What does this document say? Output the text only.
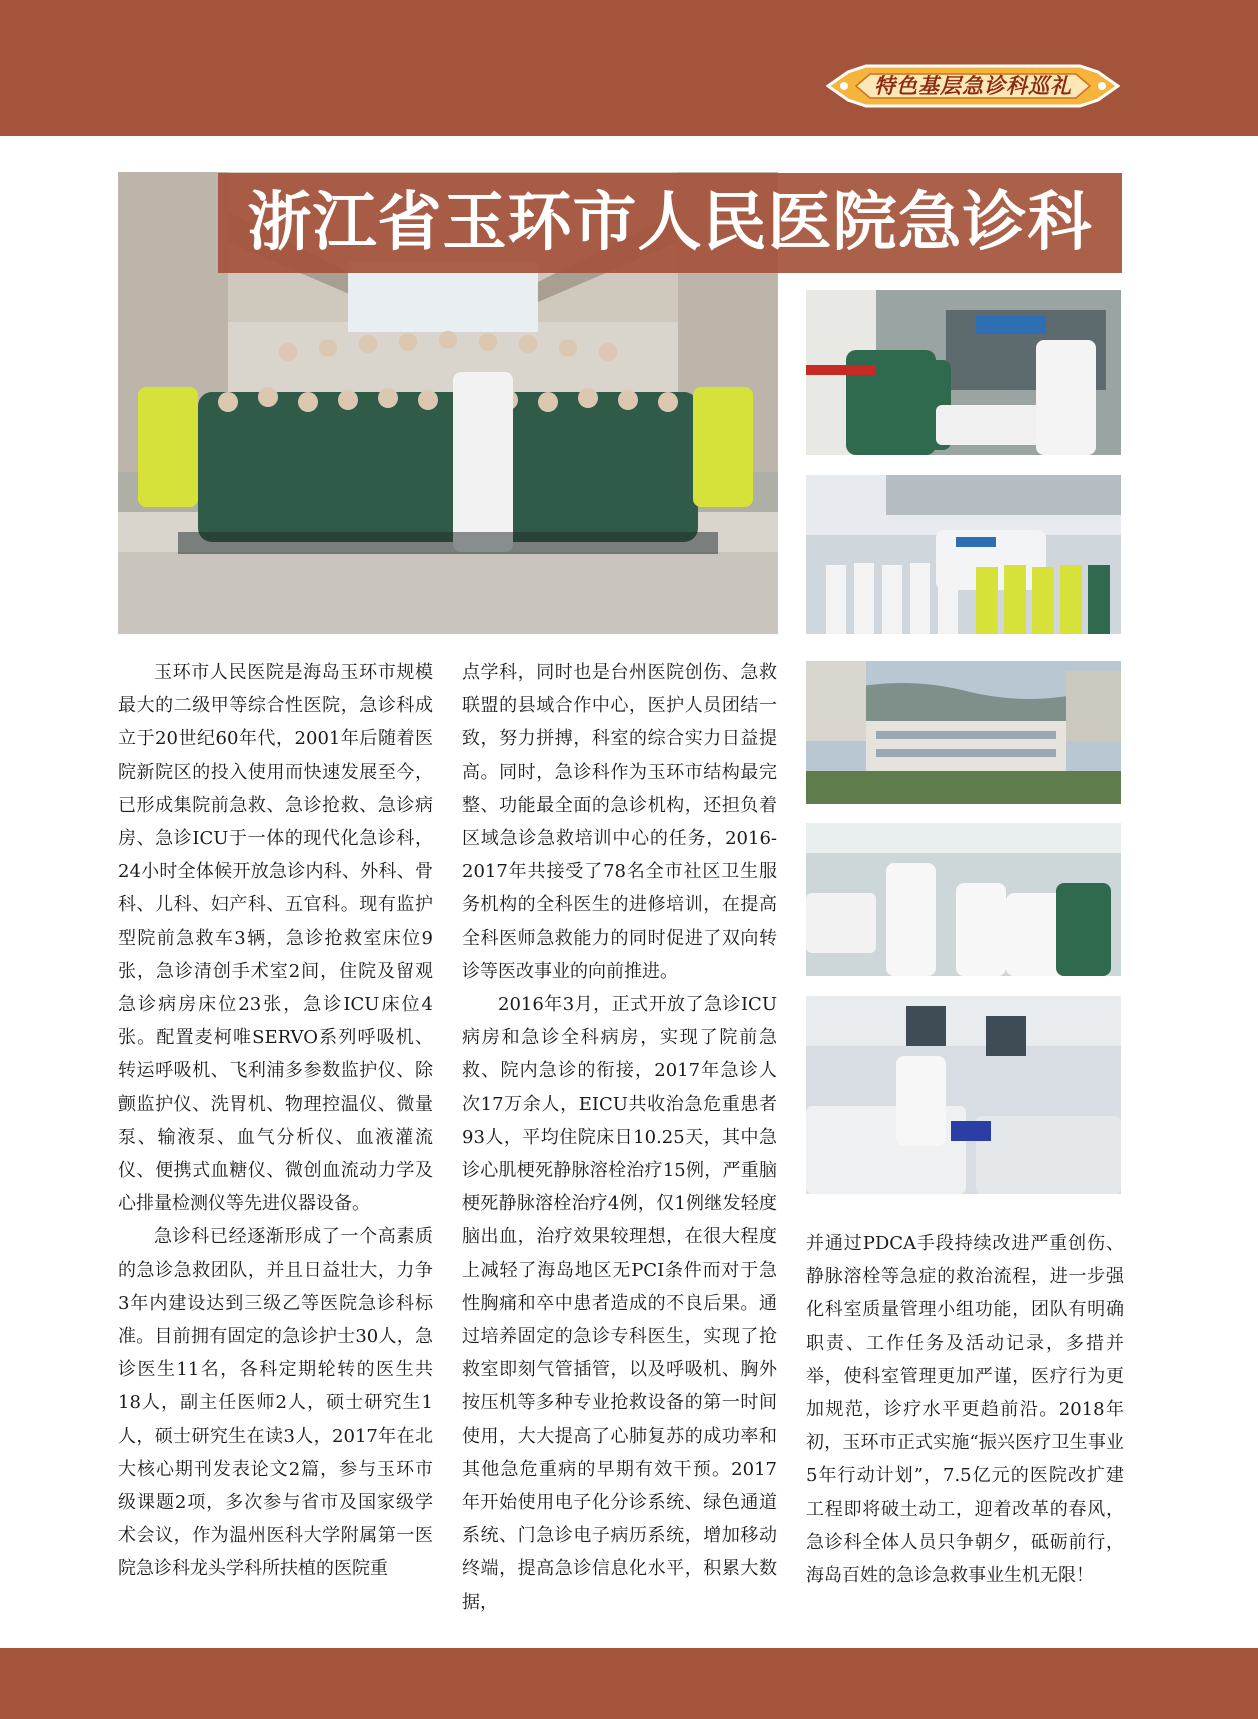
特色基层急诊科巡礼
浙江省玉环市人民医院急诊科

玉环市人民医院是海岛玉环市规模最大的二级甲等综合性医院，急诊科成立于20世纪60年代，2001年后随着医院新院区的投入使用而快速发展至今，已形成集院前急救、急诊抢救、急诊病房、急诊ICU于一体的现代化急诊科，24小时全体候开放急诊内科、外科、骨科、儿科、妇产科、五官科。现有监护型院前急救车3辆，急诊抢救室床位9张，急诊清创手术室2间，住院及留观急诊病房床位23张，急诊ICU床位4张。配置麦柯唯SERVO系列呼吸机、转运呼吸机、飞利浦多参数监护仪、除颤监护仪、洗胃机、物理控温仪、微量泵、输液泵、血气分析仪、血液灌流仪、便携式血糖仪、微创血流动力学及心排量检测仪等先进仪器设备。

急诊科已经逐渐形成了一个高素质的急诊急救团队，并且日益壮大，力争3年内建设达到三级乙等医院急诊科标准。目前拥有固定的急诊护士30人，急诊医生11名，各科定期轮转的医生共18人，副主任医师2人，硕士研究生1人，硕士研究生在读3人，2017年在北大核心期刊发表论文2篇，参与玉环市级课题2项，多次参与省市及国家级学术会议，作为温州医科大学附属第一医院急诊科龙头学科所扶植的医院重

点学科，同时也是台州医院创伤、急救联盟的县域合作中心，医护人员团结一致，努力拼搏，科室的综合实力日益提高。同时，急诊科作为玉环市结构最完整、功能最全面的急诊机构，还担负着区域急诊急救培训中心的任务，2016-2017年共接受了78名全市社区卫生服务机构的全科医生的进修培训，在提高全科医师急救能力的同时促进了双向转诊等医改事业的向前推进。

2016年3月，正式开放了急诊ICU病房和急诊全科病房，实现了院前急救、院内急诊的衔接，2017年急诊人次17万余人，EICU共收治急危重患者93人，平均住院床日10.25天，其中急诊心肌梗死静脉溶栓治疗15例，严重脑梗死静脉溶栓治疗4例，仅1例继发轻度脑出血，治疗效果较理想，在很大程度上减轻了海岛地区无PCI条件而对于急性胸痛和卒中患者造成的不良后果。通过培养固定的急诊专科医生，实现了抢救室即刻气管插管，以及呼吸机、胸外按压机等多种专业抢救设备的第一时间使用，大大提高了心肺复苏的成功率和其他急危重病的早期有效干预。2017年开始使用电子化分诊系统、绿色通道系统、门急诊电子病历系统，增加移动终端，提高急诊信息化水平，积累大数据，

并通过PDCA手段持续改进严重创伤、静脉溶栓等急症的救治流程，进一步强化科室质量管理小组功能，团队有明确职责、工作任务及活动记录，多措并举，使科室管理更加严谨，医疗行为更加规范，诊疗水平更趋前沿。2018年初，玉环市正式实施“振兴医疗卫生事业5年行动计划”，7.5亿元的医院改扩建工程即将破土动工，迎着改革的春风，急诊科全体人员只争朝夕，砥砺前行，海岛百姓的急诊急救事业生机无限！
